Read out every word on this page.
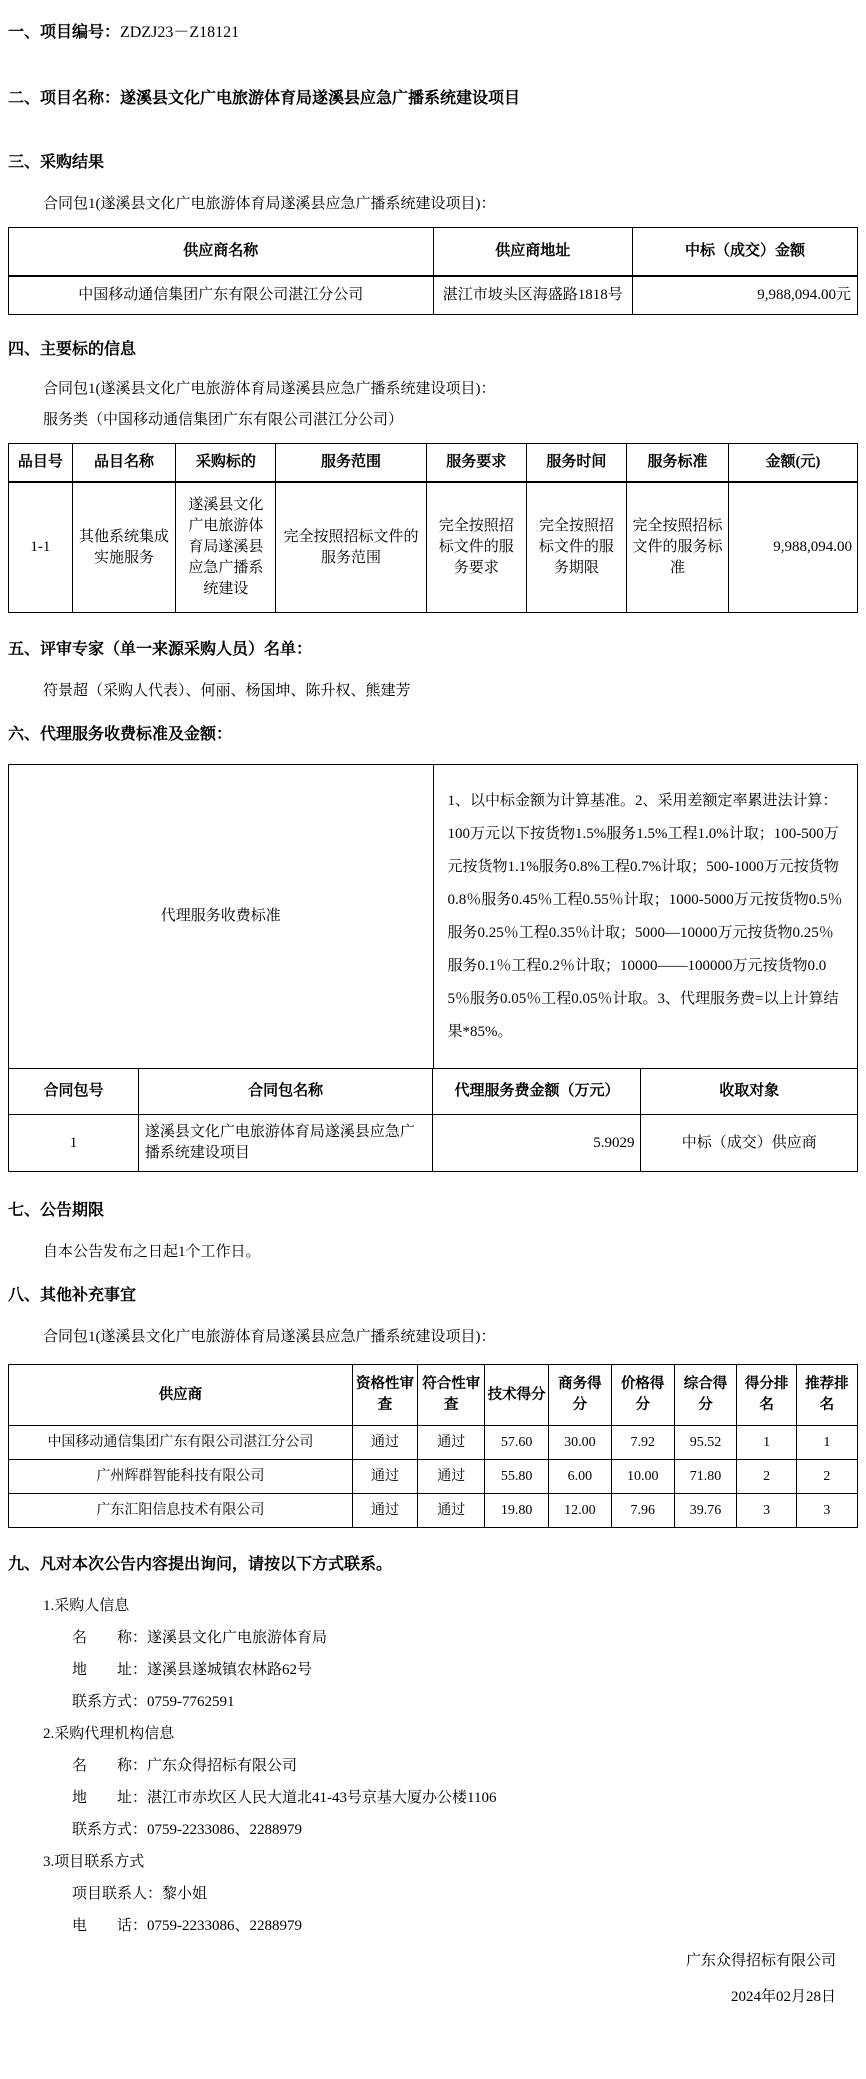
一、项目编号：ZDZJ23－Z18121

二、项目名称：遂溪县文化广电旅游体育局遂溪县应急广播系统建设项目

三、采购结果

合同包1(遂溪县文化广电旅游体育局遂溪县应急广播系统建设项目)：

供应商名称	供应商地址	中标（成交）金额
中国移动通信集团广东有限公司湛江分公司	湛江市坡头区海盛路1818号	9,988,094.00元

四、主要标的信息

合同包1(遂溪县文化广电旅游体育局遂溪县应急广播系统建设项目)：

服务类（中国移动通信集团广东有限公司湛江分公司）

品目号	品目名称	采购标的	服务范围	服务要求	服务时间	服务标准	金额(元)
1-1	其他系统集成实施服务	遂溪县文化广电旅游体育局遂溪县应急广播系统建设	完全按照招标文件的服务范围	完全按照招标文件的服务要求	完全按照招标文件的服务期限	完全按照招标文件的服务标准	9,988,094.00

五、评审专家（单一来源采购人员）名单：

符景超（采购人代表）、何丽、杨国坤、陈升权、熊建芳

六、代理服务收费标准及金额：

代理服务收费标准	1、以中标金额为计算基准。2、采用差额定率累进法计算：100万元以下按货物1.5%服务1.5%工程1.0%计取；100-500万元按货物1.1%服务0.8%工程0.7%计取；500-1000万元按货物0.8％服务0.45％工程0.55％计取；1000-5000万元按货物0.5％服务0.25％工程0.35％计取；5000—10000万元按货物0.25％服务0.1％工程0.2％计取；10000——100000万元按货物0.05％服务0.05％工程0.05％计取。3、代理服务费=以上计算结果*85%。
合同包号	合同包名称	代理服务费金额（万元）	收取对象
1	遂溪县文化广电旅游体育局遂溪县应急广播系统建设项目	5.9029	中标（成交）供应商

七、公告期限

自本公告发布之日起1个工作日。

八、其他补充事宜

合同包1(遂溪县文化广电旅游体育局遂溪县应急广播系统建设项目)：

供应商	资格性审查	符合性审查	技术得分	商务得分	价格得分	综合得分	得分排名	推荐排名
中国移动通信集团广东有限公司湛江分公司	通过	通过	57.60	30.00	7.92	95.52	1	1
广州辉群智能科技有限公司	通过	通过	55.80	6.00	10.00	71.80	2	2
广东汇阳信息技术有限公司	通过	通过	19.80	12.00	7.96	39.76	3	3

九、凡对本次公告内容提出询问，请按以下方式联系。

1.采购人信息

名　　称：遂溪县文化广电旅游体育局

地　　址：遂溪县遂城镇农林路62号

联系方式：0759-7762591

2.采购代理机构信息

名　　称：广东众得招标有限公司

地　　址：湛江市赤坎区人民大道北41-43号京基大厦办公楼1106

联系方式：0759-2233086、2288979

3.项目联系方式

项目联系人：黎小姐

电　　话：0759-2233086、2288979

广东众得招标有限公司

2024年02月28日
